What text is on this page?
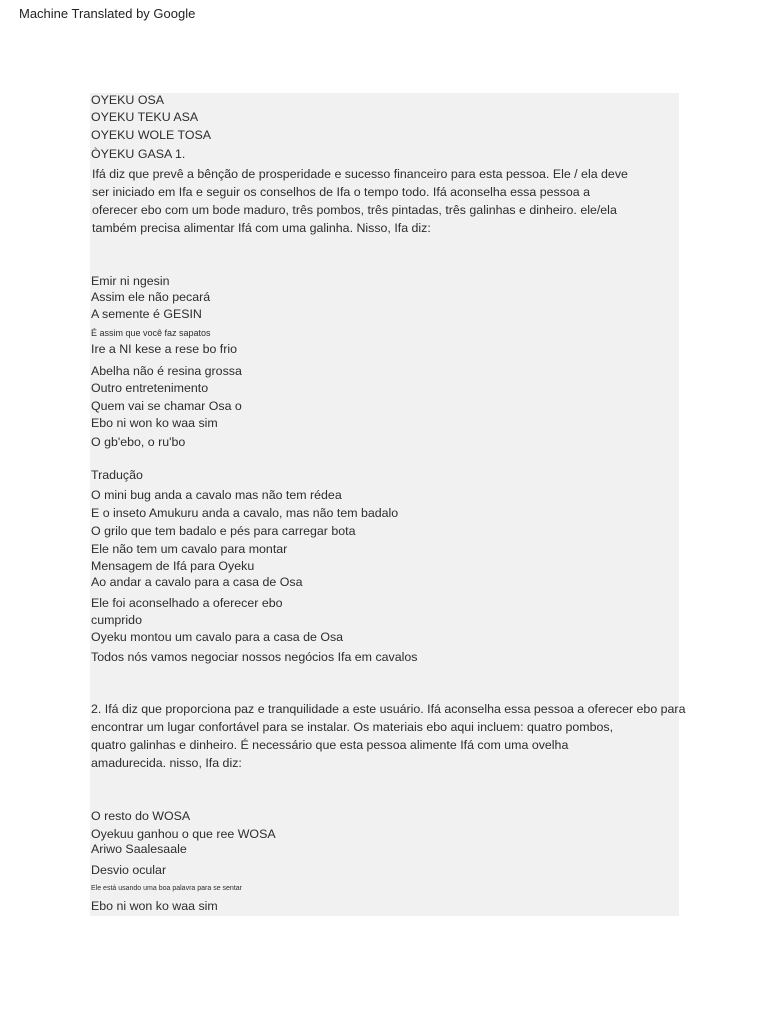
Machine Translated by Google
OYEKU OSA
OYEKU TEKU ASA
OYEKU WOLE TOSA
ÒYEKU GASA 1.
Ifá diz que prevê a bênção de prosperidade e sucesso financeiro para esta pessoa. Ele / ela deve
ser iniciado em Ifa e seguir os conselhos de Ifa o tempo todo. Ifá aconselha essa pessoa a
oferecer ebo com um bode maduro, três pombos, três pintadas, três galinhas e dinheiro. ele/ela
também precisa alimentar Ifá com uma galinha. Nisso, Ifa diz:
Emir ni ngesin
Assim ele não pecará
A semente é GESIN
É assim que você faz sapatos
Ire a NI kese a rese bo frio
Abelha não é resina grossa
Outro entretenimento
Quem vai se chamar Osa o
Ebo ni won ko waa sim
O gb'ebo, o ru'bo
Tradução
O mini bug anda a cavalo mas não tem rédea
E o inseto Amukuru anda a cavalo, mas não tem badalo
O grilo que tem badalo e pés para carregar bota
Ele não tem um cavalo para montar
Mensagem de Ifá para Oyeku
Ao andar a cavalo para a casa de Osa
Ele foi aconselhado a oferecer ebo
cumprido
Oyeku montou um cavalo para a casa de Osa
Todos nós vamos negociar nossos negócios Ifa em cavalos
2. Ifá diz que proporciona paz e tranquilidade a este usuário. Ifá aconselha essa pessoa a oferecer ebo para
encontrar um lugar confortável para se instalar. Os materiais ebo aqui incluem: quatro pombos,
quatro galinhas e dinheiro. É necessário que esta pessoa alimente Ifá com uma ovelha
amadurecida. nisso, Ifa diz:
O resto do WOSA
Oyekuu ganhou o que ree WOSA
Ariwo Saalesaale
Desvio ocular
Ele está usando uma boa palavra para se sentar
Ebo ni won ko waa sim
